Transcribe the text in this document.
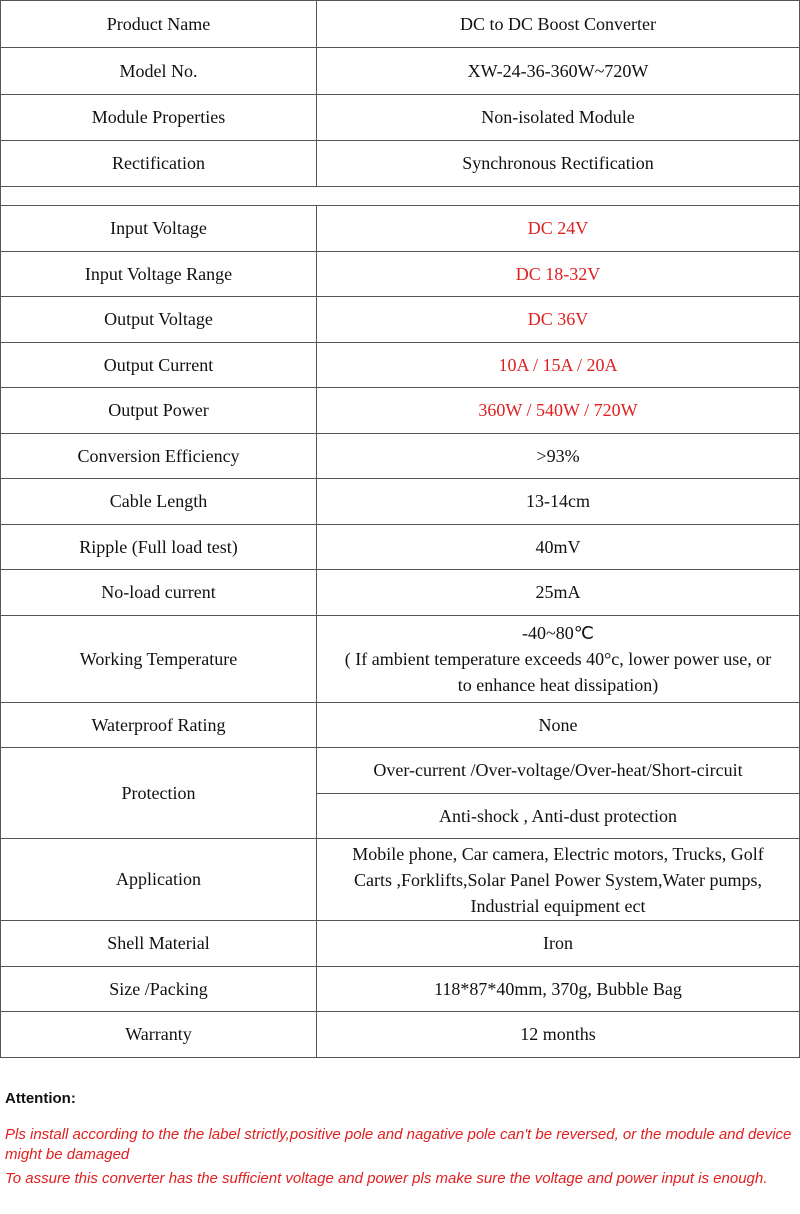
Product Name	DC to DC Boost Converter
Model No.	XW-24-36-360W~720W
Module Properties	Non-isolated Module
Rectification	Synchronous Rectification

Input Voltage	DC 24V
Input Voltage Range	DC 18-32V
Output Voltage	DC 36V
Output Current	10A / 15A / 20A
Output Power	360W / 540W / 720W
Conversion Efficiency	>93%
Cable Length	13-14cm
Ripple (Full load test)	40mV
No-load current	25mA
Working Temperature	-40~80℃
( If ambient temperature exceeds 40°c, lower power use, or
to enhance heat dissipation)

Waterproof Rating	None
Protection	Over-current /Over-voltage/Over-heat/Short-circuit
	Anti-shock , Anti-dust protection
Application	Mobile phone, Car camera, Electric motors, Trucks, Golf
Carts ,Forklifts,Solar Panel Power System,Water pumps,
Industrial equipment ect

Shell Material	Iron
Size /Packing	118*87*40mm, 370g, Bubble Bag
Warranty	12 months
Attention:
Pls install according to the the label strictly,positive pole and nagative pole can't be reversed, or the module and device might be damaged
To assure this converter has the sufficient voltage and power pls make sure the voltage and power input is enough.
